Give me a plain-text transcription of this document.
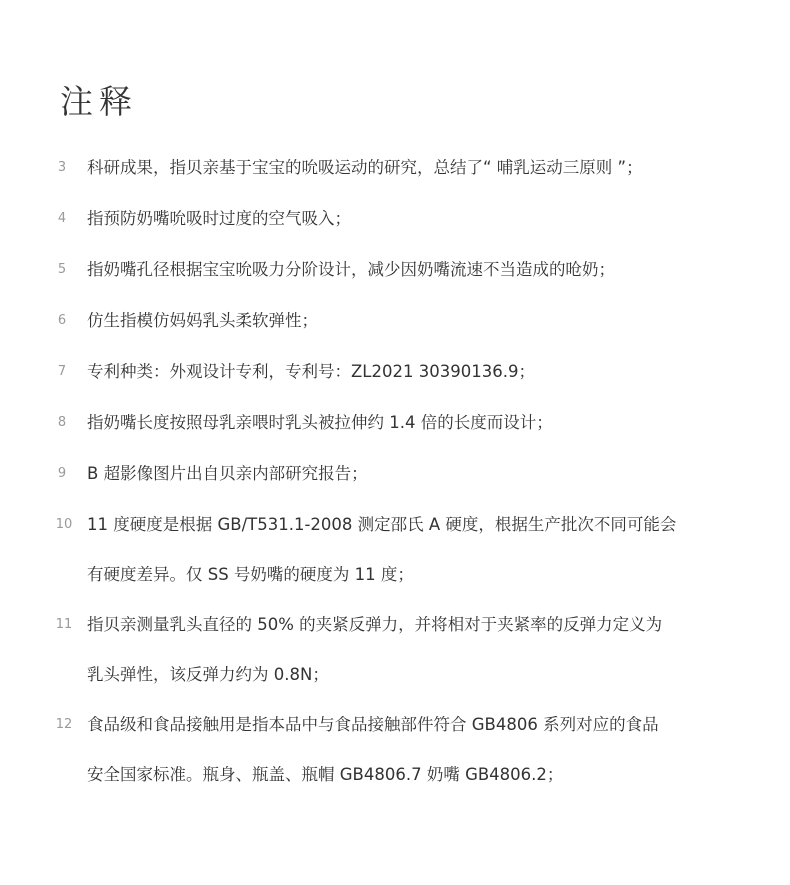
注释
3	科研成果，指贝亲基于宝宝的吮吸运动的研究，总结了“ 哺乳运动三原则 ”；
4	指预防奶嘴吮吸时过度的空气吸入；
5	指奶嘴孔径根据宝宝吮吸力分阶设计，减少因奶嘴流速不当造成的呛奶；
6	仿生指模仿妈妈乳头柔软弹性；
7	专利种类：外观设计专利，专利号：ZL2021 30390136.9；
8	指奶嘴长度按照母乳亲喂时乳头被拉伸约 1.4 倍的长度而设计；
9	B 超影像图片出自贝亲内部研究报告；
10 11 度硬度是根据 GB/T531.1-2008 测定邵氏 A 硬度，根据生产批次不同可能会
有硬度差异。仅 SS 号奶嘴的硬度为 11 度；
11 指贝亲测量乳头直径的 50% 的夹紧反弹力，并将相对于夹紧率的反弹力定义为
乳头弹性，该反弹力约为 0.8N；
12 食品级和食品接触用是指本品中与食品接触部件符合 GB4806 系列对应的食品
安全国家标准。瓶身、瓶盖、瓶帽 GB4806.7 奶嘴 GB4806.2；
